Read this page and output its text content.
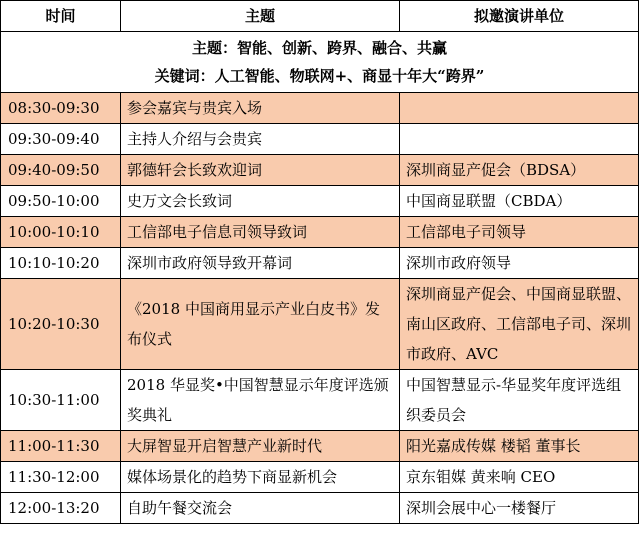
时间	主题	拟邀演讲单位

主题：智能、创新、跨界、融合、共赢
关键词：人工智能、物联网+、商显十年大“跨界”		

08:30-09:30	参会嘉宾与贵宾入场	
09:30-09:40	主持人介绍与会贵宾	
09:40-09:50	郭德轩会长致欢迎词	深圳商显产促会（BDSA）
09:50-10:00	史万文会长致词	中国商显联盟（CBDA）
10:00-10:10	工信部电子信息司领导致词	工信部电子司领导
10:10-10:20	深圳市政府领导致开幕词	深圳市政府领导
10:20-10:30	《2018 中国商用显示产业白皮书》发布仪式	深圳商显产促会、中国商显联盟、南山区政府、工信部电子司、深圳市政府、AVC
10:30-11:00	2018 华显奖•中国智慧显示年度评选颁奖典礼	中国智慧显示-华显奖年度评选组织委员会
11:00-11:30	大屏智显开启智慧产业新时代	阳光嘉成传媒 楼韬 董事长
11:30-12:00	媒体场景化的趋势下商显新机会	京东钼媒 黄来响 CEO
12:00-13:20	自助午餐交流会	深圳会展中心一楼餐厅
